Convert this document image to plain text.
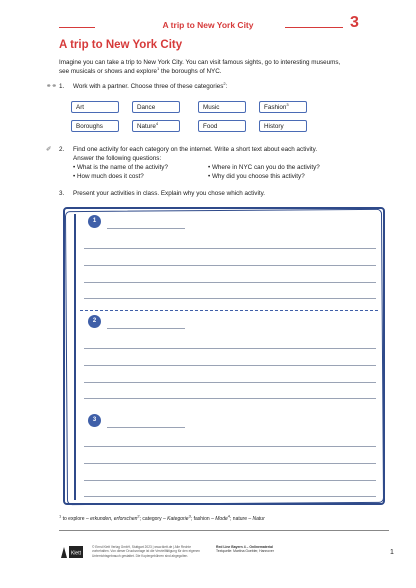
A trip to New York City	3
A trip to New York City
Imagine you can take a trip to New York City. You can visit famous sights, go to interesting museums,
see musicals or shows and explore$^1$ the boroughs of NYC.
⚭⚭ 1. Work with a partner. Choose three of these categories$^2$:
Art	Dance	Music	Fashion$^3$
Boroughs	Nature$^4$	Food	History
✐ 2. Find one activity for each category on the internet. Write a short text about each activity.
Answer the following questions:
• What is the name of the activity?
• How much does it cost?
• Where in NYC can you do the activity?
• Why did you choose this activity?
3. Present your activities in class. Explain why you chose which activity.
1
2
3
$^1$ to explore – erkunden, erforschen$^2$; category – Kategorie$^3$; fashion – Mode$^4$; nature – Natur
Klett
© Ernst Klett Verlag GmbH, Stuttgart 2023 | www.klett.de | Alle Rechte vorbehalten. Von dieser Druckvorlage ist die Vervielfältigung für den eigenen Unterrichtsgebrauch gestattet. Die Kopiergebühren sind abgegolten.
Red Line Bayern 4 – Onlinematerial
Textquelle: Martina Goebler, Hannover	1
